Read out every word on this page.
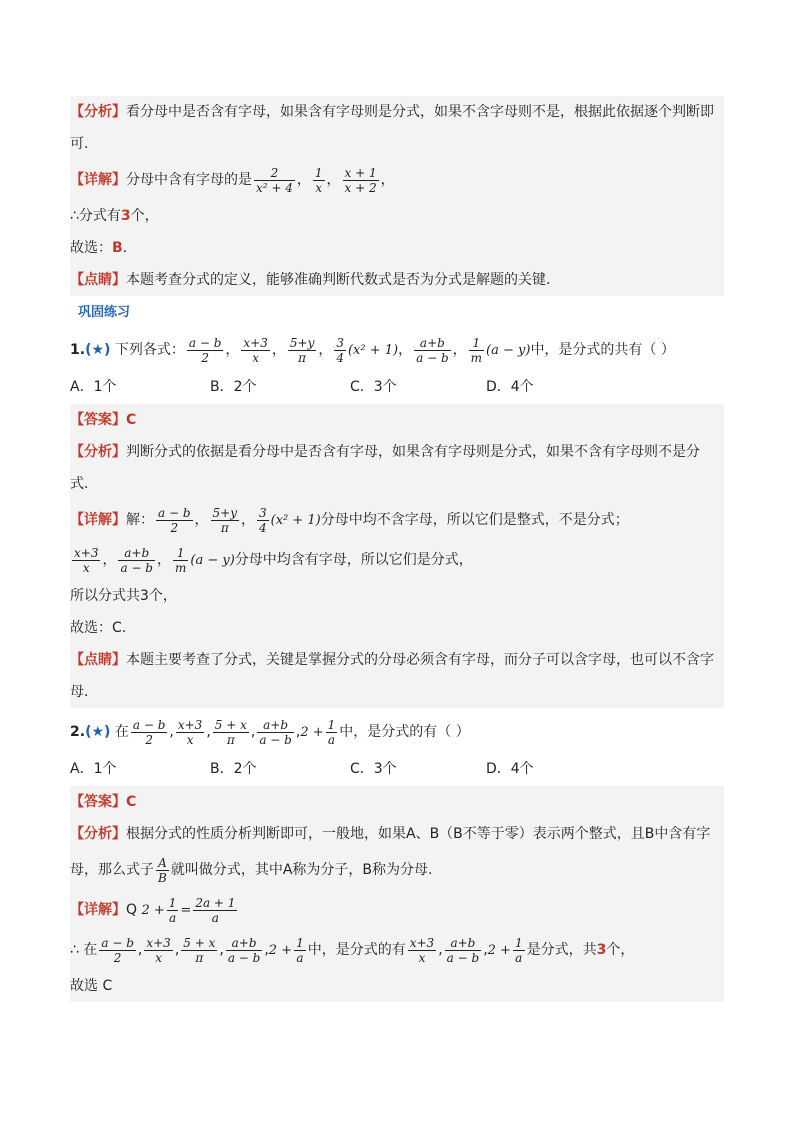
【分析】看分母中是否含有字母，如果含有字母则是分式，如果不含字母则不是，根据此依据逐个判断即
可.
【详解】分母中含有字母的是 $\frac{2}{\text{x² + 4}}$ ， $\frac{1}{x}$ ， $\frac{x + 1}{x + 2}$ ，
∴分式有3个，
故选：B.
【点睛】本题考查分式的定义，能够准确判断代数式是否为分式是解题的关键.
巩固练习
1.(★) 下列各式： $\frac{a - b}{2}$ ， $\frac{x+3}{x}$ ， $\frac{5+y}{\pi}$ ， $\frac{3}{4} (x^2 + 1)$， $\frac{a+b}{a - b}$ ， $\frac{1}{m} (a - y)$中，是分式的共有（ ）
A．1个	B．2个	C．3个	D．4个
【答案】C
【分析】判断分式的依据是看分母中是否含有字母，如果含有字母则是分式，如果不含有字母则不是分
式.
【详解】解： $\frac{a - b}{2}$ ， $\frac{5+y}{\pi}$ ， $\frac{3}{4} (x^2 + 1)$分母中均不含字母，所以它们是整式，不是分式；
$\frac{x+3}{x}$ ， $\frac{a+b}{a - b}$ ， $\frac{1}{m} (a - y)$分母中均含有字母，所以它们是分式，
所以分式共3个，
故选：C.
【点睛】本题主要考查了分式，关键是掌握分式的分母必须含有字母，而分子可以含字母，也可以不含字
母.
2.(★) 在 $\frac{a - b}{2}$ , $\frac{x+3}{x}$ , $\frac{5 + x}{\pi}$ , $\frac{a+b}{a - b} ,2 + \frac{1}{a}$ 中，是分式的有（ ）
A．1个	B．2个	C．3个	D．4个
【答案】C
【分析】根据分式的性质分析判断即可，一般地，如果A、B（B不等于零）表示两个整式，且B中含有字
母，那么式子 $\frac{A}{B}$ 就叫做分式，其中A称为分子，B称为分母.
【详解】Q $2 + \frac{1}{a} = \frac{2a + 1}{a}$
∴ 在 $\frac{a - b}{2}$ , $\frac{x+3}{x}$ , $\frac{5 + x}{\pi}$ , $\frac{a+b}{a - b} ,2 + \frac{1}{a}$ 中，是分式的有 $\frac{x+3}{x}$ , $\frac{a+b}{a - b} ,2 + \frac{1}{a}$ 是分式，共3个，
故选 C
